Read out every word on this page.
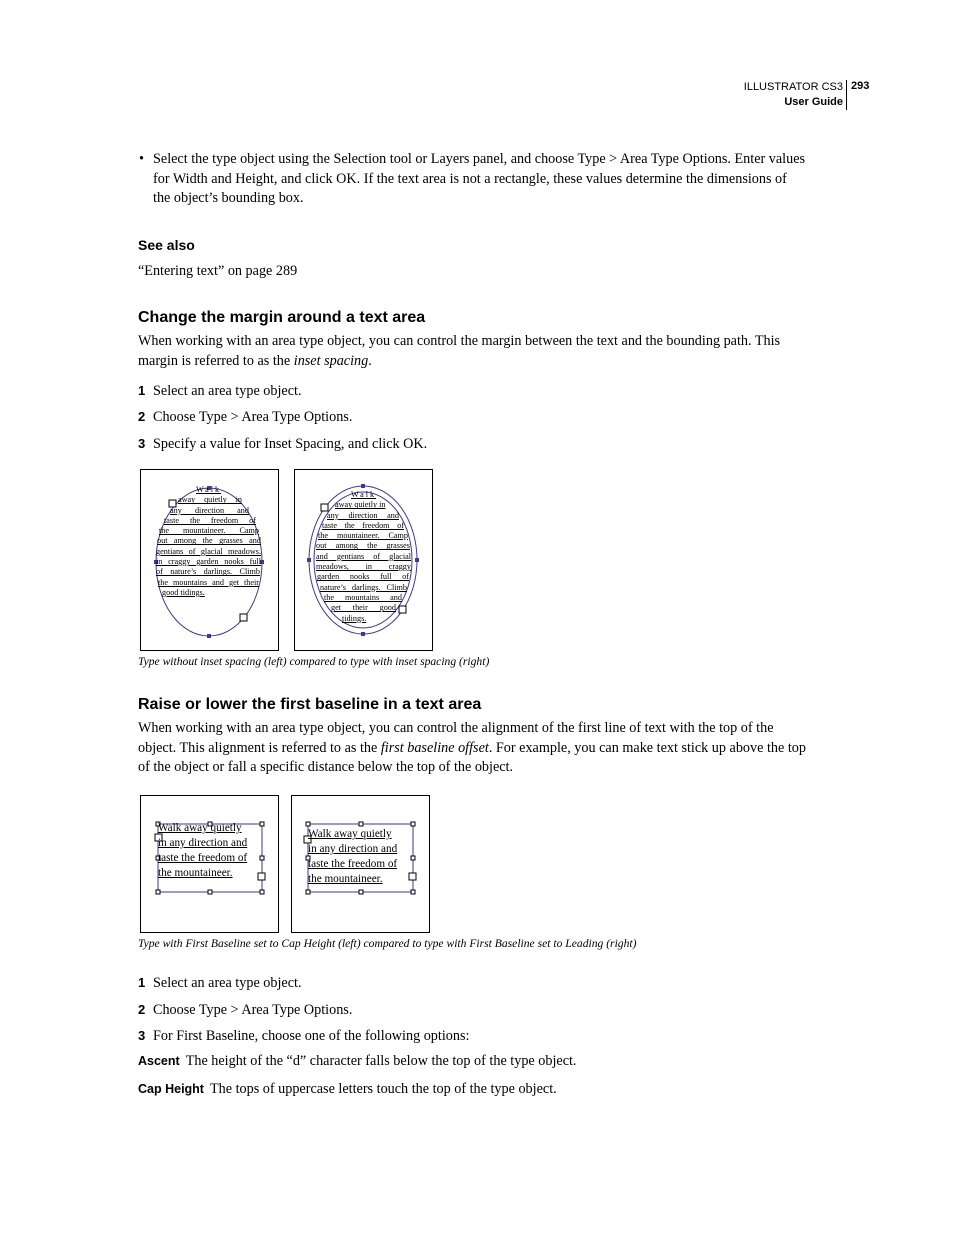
ILLUSTRATOR CS3
User Guide
293
• Select the type object using the Selection tool or Layers panel, and choose Type > Area Type Options. Enter values
for Width and Height, and click OK. If the text area is not a rectangle, these values determine the dimensions of
the object’s bounding box.
See also
“Entering text” on page 289
Change the margin around a text area
When working with an area type object, you can control the margin between the text and the bounding path. This
margin is referred to as the inset spacing.
1 Select an area type object.
2 Choose Type > Area Type Options.
3 Specify a value for Inset Spacing, and click OK.
Walk
away quietly in
any direction and
taste the freedom of
the mountaineer. Camp
out among the grasses and
gentians of glacial meadows.
in craggy garden nooks full
of nature’s darlings. Climb
the mountains and get their
good tidings.
Walk
away quietly in
any direction and
taste the freedom of
the mountaineer. Camp
out among the grasses
and gentians of glacial
meadows, in craggy
garden nooks full of
nature’s darlings. Climb
the mountains and
get their good
tidings.
Type without inset spacing (left) compared to type with inset spacing (right)
Raise or lower the first baseline in a text area
When working with an area type object, you can control the alignment of the first line of text with the top of the
object. This alignment is referred to as the first baseline offset. For example, you can make text stick up above the top
of the object or fall a specific distance below the top of the object.
Walk away quietly
in any direction and
taste the freedom of
the mountaineer.
Walk away quietly
in any direction and
taste the freedom of
the mountaineer.
Type with First Baseline set to Cap Height (left) compared to type with First Baseline set to Leading (right)
1 Select an area type object.
2 Choose Type > Area Type Options.
3 For First Baseline, choose one of the following options:
Ascent The height of the “d” character falls below the top of the type object.
Cap Height The tops of uppercase letters touch the top of the type object.
